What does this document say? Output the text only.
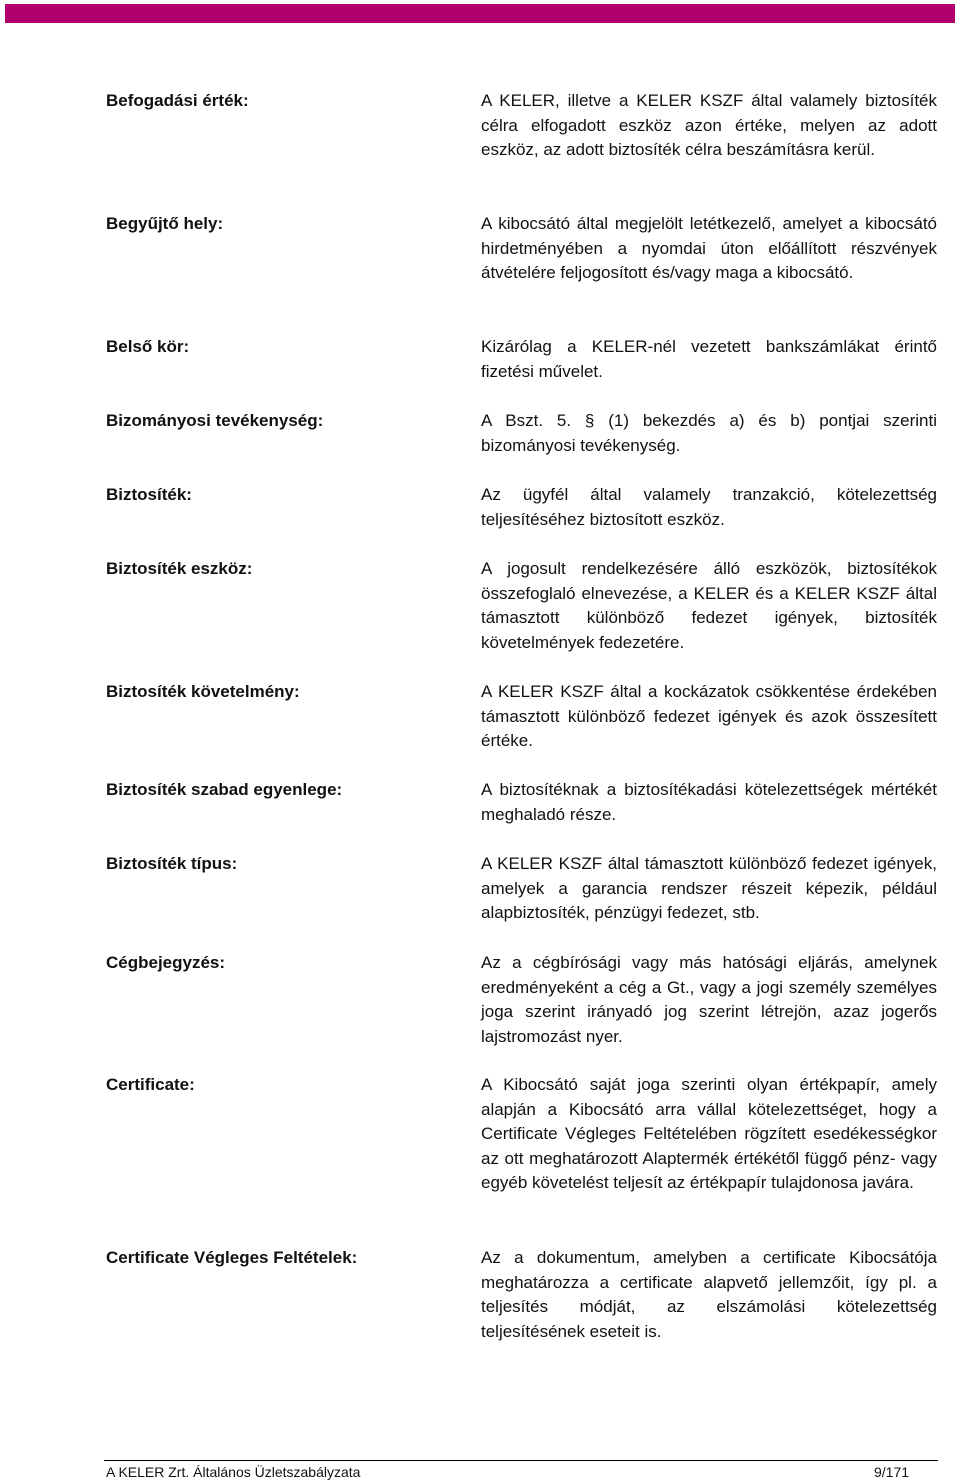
Befogadási érték:	A KELER, illetve a KELER KSZF által valamely biztosíték célra elfogadott eszköz azon értéke, melyen az adott eszköz, az adott biztosíték célra beszámításra kerül.
Begyűjtő hely:	A kibocsátó által megjelölt letétkezelő, amelyet a kibocsátó hirdetményében a nyomdai úton előállított részvények átvételére feljogosított és/vagy maga a kibocsátó.
Belső kör:	Kizárólag a KELER-nél vezetett bankszámlákat érintő fizetési művelet.
Bizományosi tevékenység:	A Bszt. 5. § (1) bekezdés a) és b) pontjai szerinti bizományosi tevékenység.
Biztosíték:	Az ügyfél által valamely tranzakció, kötelezettség teljesítéséhez biztosított eszköz.
Biztosíték eszköz:	A jogosult rendelkezésére álló eszközök, biztosítékok összefoglaló elnevezése, a KELER és a KELER KSZF által támasztott különböző fedezet igények, biztosíték követelmények fedezetére.
Biztosíték követelmény:	A KELER KSZF által a kockázatok csökkentése érdekében támasztott különböző fedezet igények és azok összesített értéke.
Biztosíték szabad egyenlege:	A biztosítéknak a biztosítékadási kötelezettségek mértékét meghaladó része.
Biztosíték típus:	A KELER KSZF által támasztott különböző fedezet igények, amelyek a garancia rendszer részeit képezik, például alapbiztosíték, pénzügyi fedezet, stb.
Cégbejegyzés:	Az a cégbírósági vagy más hatósági eljárás, amelynek eredményeként a cég a Gt., vagy a jogi személy személyes joga szerint irányadó jog szerint létrejön, azaz jogerős lajstromozást nyer.
Certificate:	A Kibocsátó saját joga szerinti olyan értékpapír, amely alapján a Kibocsátó arra vállal kötelezettséget, hogy a Certificate Végleges Feltételében rögzített esedékességkor az ott meghatározott Alaptermék értékétől függő pénz- vagy egyéb követelést teljesít az értékpapír tulajdonosa javára.
Certificate Végleges Feltételek:	Az a dokumentum, amelyben a certificate Kibocsátója meghatározza a certificate alapvető jellemzőit, így pl. a teljesítés módját, az elszámolási kötelezettség teljesítésének eseteit is.
A KELER Zrt. Általános Üzletszabályzata	9/171
